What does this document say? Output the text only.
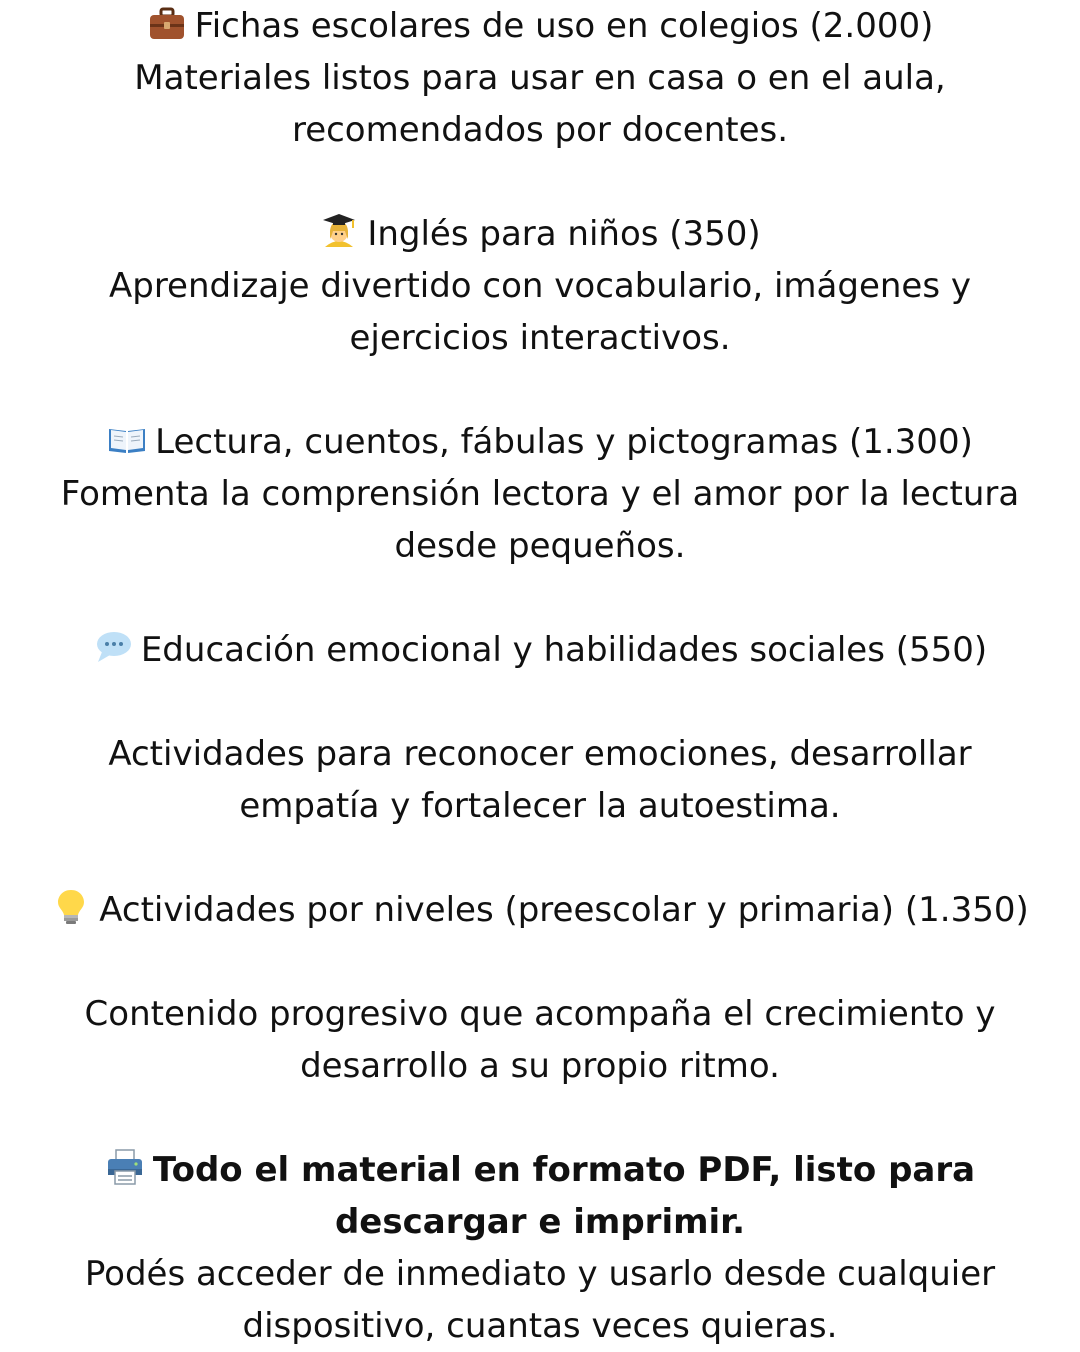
Fichas escolares de uso en colegios (2.000)
Materiales listos para usar en casa o en el aula,
recomendados por docentes.
Inglés para niños (350)
Aprendizaje divertido con vocabulario, imágenes y
ejercicios interactivos.
Lectura, cuentos, fábulas y pictogramas (1.300)
Fomenta la comprensión lectora y el amor por la lectura
desde pequeños.
Educación emocional y habilidades sociales (550)
Actividades para reconocer emociones, desarrollar
empatía y fortalecer la autoestima.
Actividades por niveles (preescolar y primaria) (1.350)
Contenido progresivo que acompaña el crecimiento y
desarrollo a su propio ritmo.
Todo el material en formato PDF, listo para
descargar e imprimir.
Podés acceder de inmediato y usarlo desde cualquier
dispositivo, cuantas veces quieras.
